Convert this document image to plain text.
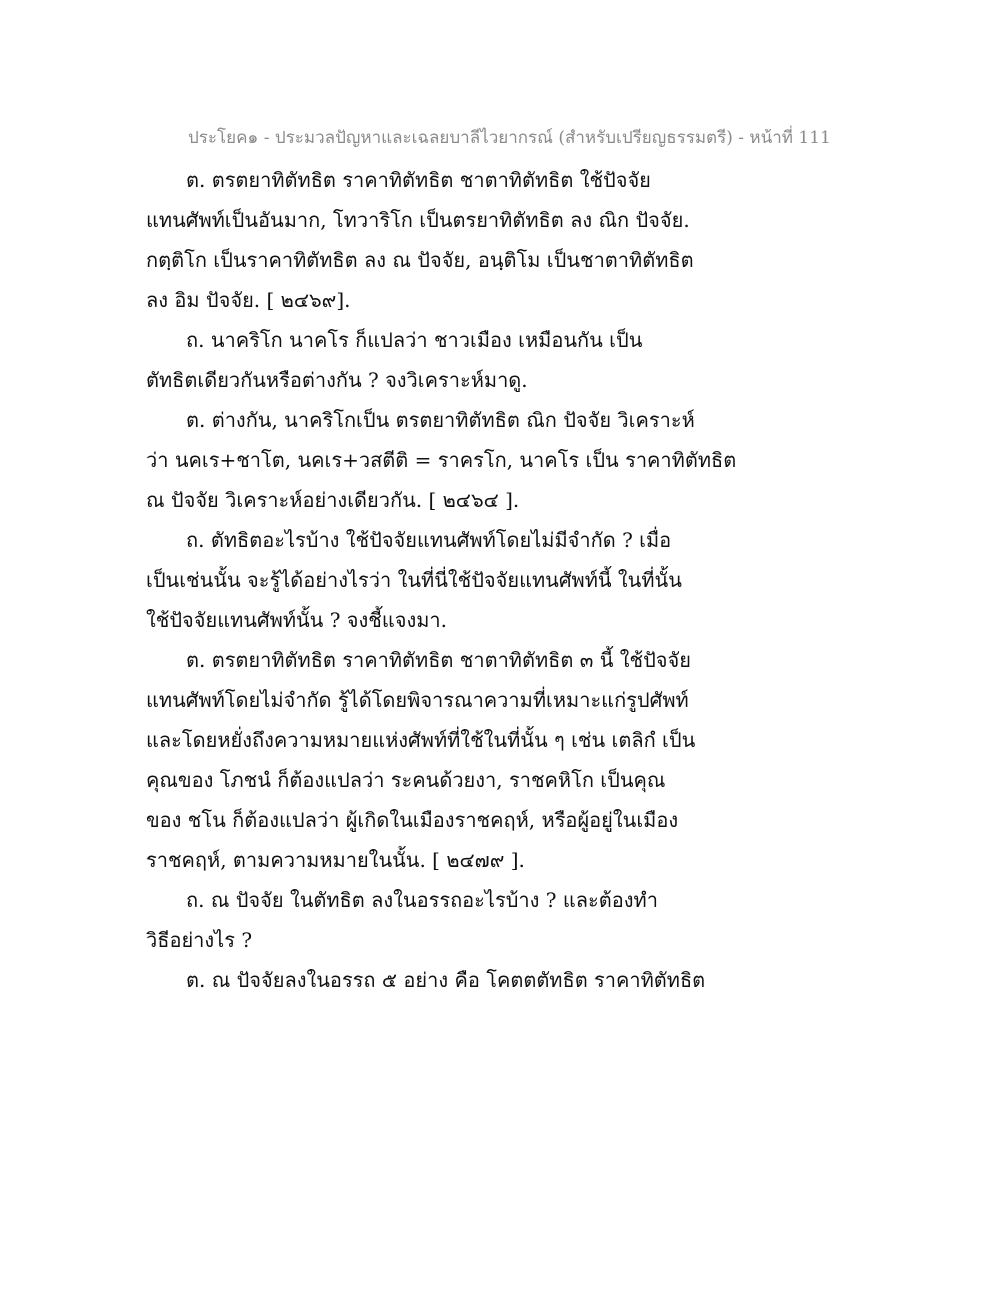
ประโยค๑ - ประมวลปัญหาและเฉลยบาลีไวยากรณ์ (สำหรับเปรียญธรรมตรี) - หน้าที่ 111
ต. ตรตยาทิตัทธิต ราคาทิตัทธิต ชาตาทิตัทธิต ใช้ปัจจัย
แทนศัพท์เป็นอันมาก, โทวาริโก เป็นตรยาทิตัทธิต ลง ณิก ปัจจัย.
กตฺติโก เป็นราคาทิตัทธิต ลง ณ ปัจจัย, อนฺติโม เป็นชาตาทิตัทธิต
ลง อิม ปัจจัย. [ ๒๔๖๙].
ถ. นาคริโก นาคโร ก็แปลว่า ชาวเมือง เหมือนกัน เป็น
ตัทธิตเดียวกันหรือต่างกัน ? จงวิเคราะห์มาดู.
ต. ต่างกัน, นาคริโกเป็น ตรตยาทิตัทธิต ณิก ปัจจัย วิเคราะห์
ว่า นคเร+ชาโต, นคเร+วสตีติ = ราครโก, นาคโร เป็น ราคาทิตัทธิต
ณ ปัจจัย วิเคราะห์อย่างเดียวกัน. [ ๒๔๖๔ ].
ถ. ตัทธิตอะไรบ้าง ใช้ปัจจัยแทนศัพท์โดยไม่มีจำกัด ? เมื่อ
เป็นเช่นนั้น จะรู้ได้อย่างไรว่า ในที่นี่ใช้ปัจจัยแทนศัพท์นี้ ในที่นั้น
ใช้ปัจจัยแทนศัพท์นั้น ? จงชี้แจงมา.
ต. ตรตยาทิตัทธิต ราคาทิตัทธิต ชาตาทิตัทธิต ๓ นี้ ใช้ปัจจัย
แทนศัพท์โดยไม่จำกัด รู้ได้โดยพิจารณาความที่เหมาะแก่รูปศัพท์
และโดยหยั่งถึงความหมายแห่งศัพท์ที่ใช้ในที่นั้น ๆ เช่น เตลิกํ เป็น
คุณของ โภชนํ ก็ต้องแปลว่า ระคนด้วยงา, ราชคหิโก เป็นคุณ
ของ ชโน ก็ต้องแปลว่า ผู้เกิดในเมืองราชคฤห์, หรือผู้อยู่ในเมือง
ราชคฤห์, ตามความหมายในนั้น. [ ๒๔๗๙ ].
ถ. ณ ปัจจัย ในตัทธิต ลงในอรรถอะไรบ้าง ? และต้องทำ
วิธีอย่างไร ?
ต. ณ ปัจจัยลงในอรรถ ๕ อย่าง คือ โคตตตัทธิต ราคาทิตัทธิต
